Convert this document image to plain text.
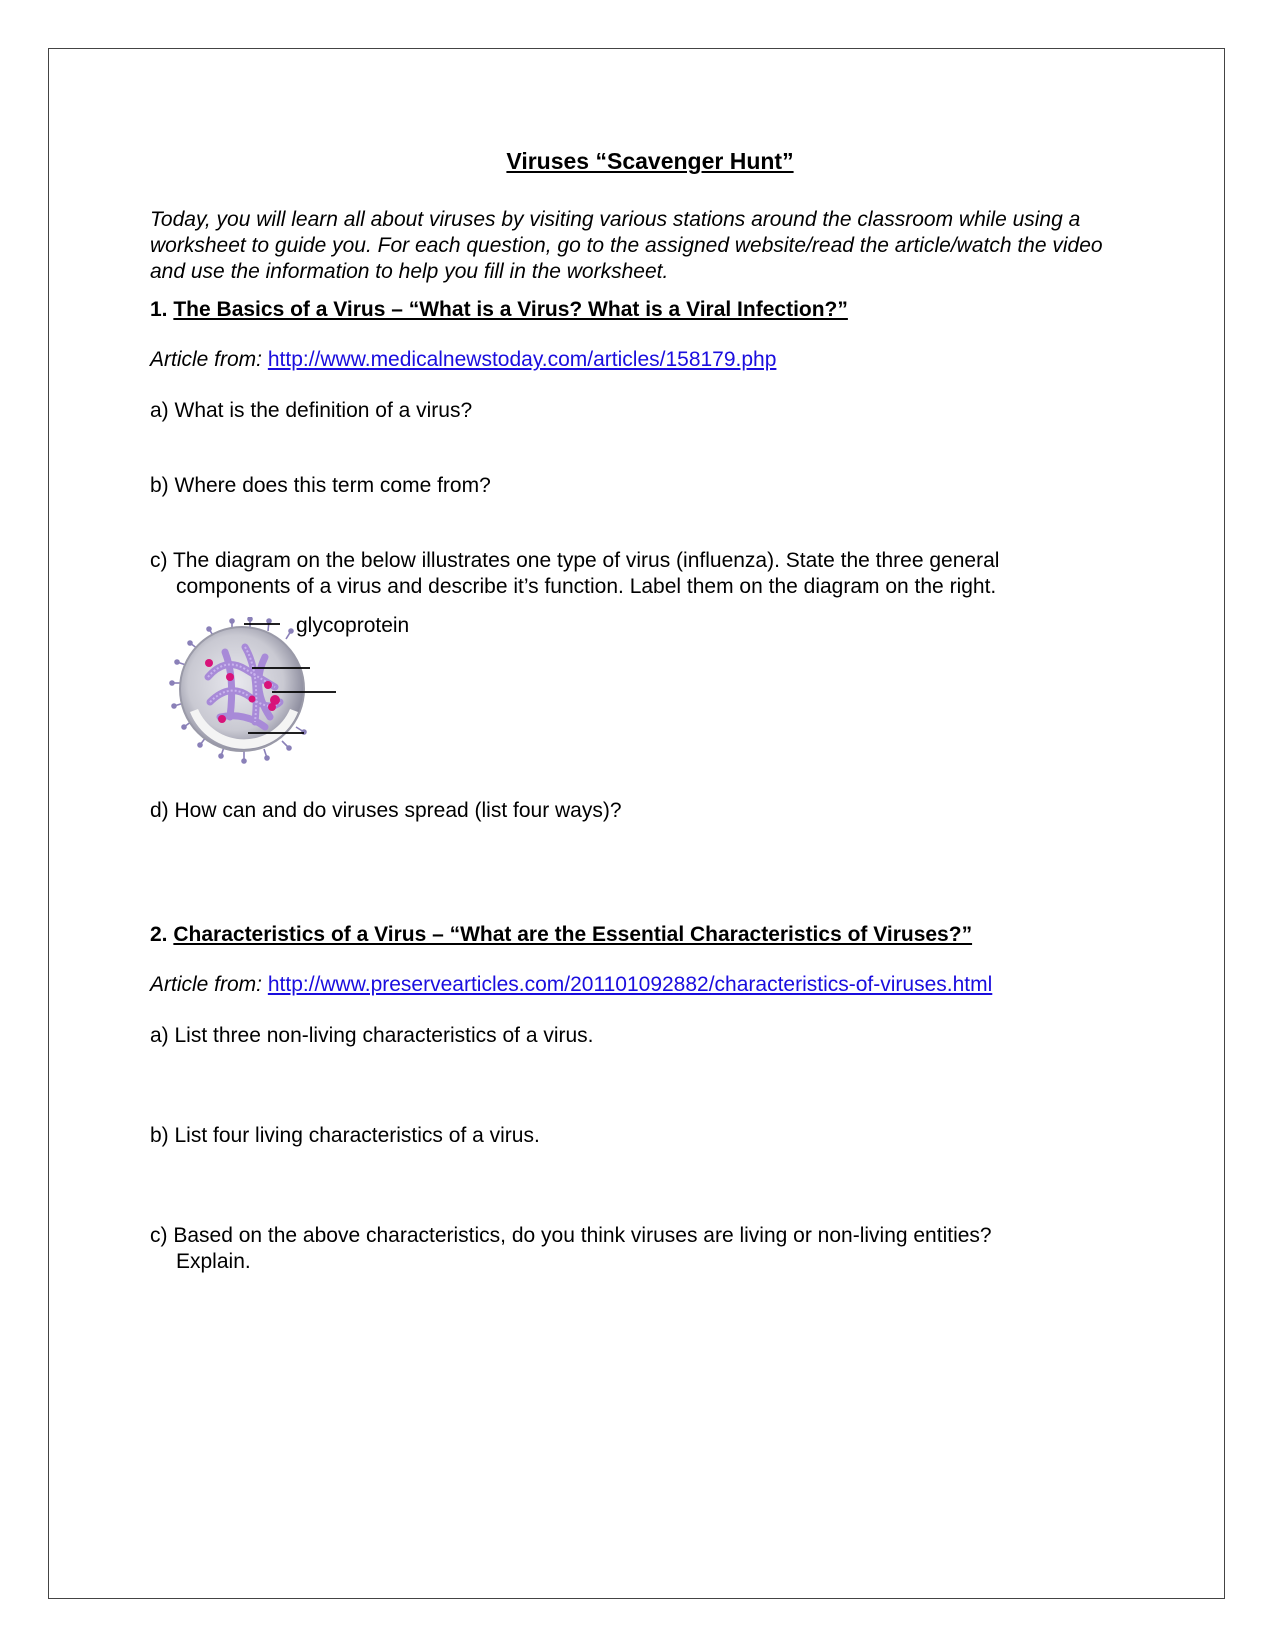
Viruses “Scavenger Hunt”
Today, you will learn all about viruses by visiting various stations around the classroom while using a worksheet to guide you. For each question, go to the assigned website/read the article/watch the video and use the information to help you fill in the worksheet.
1. The Basics of a Virus – “What is a Virus? What is a Viral Infection?”
Article from: http://www.medicalnewstoday.com/articles/158179.php
a) What is the definition of a virus?
b) Where does this term come from?
c) The diagram on the below illustrates one type of virus (influenza). State the three general
components of a virus and describe it’s function. Label them on the diagram on the right.
d) How can and do viruses spread (list four ways)?
2. Characteristics of a Virus – “What are the Essential Characteristics of Viruses?”
Article from: http://www.preservearticles.com/201101092882/characteristics-of-viruses.html
a) List three non-living characteristics of a virus.
b) List four living characteristics of a virus.
c) Based on the above characteristics, do you think viruses are living or non-living entities?
Explain.
glycoprotein
